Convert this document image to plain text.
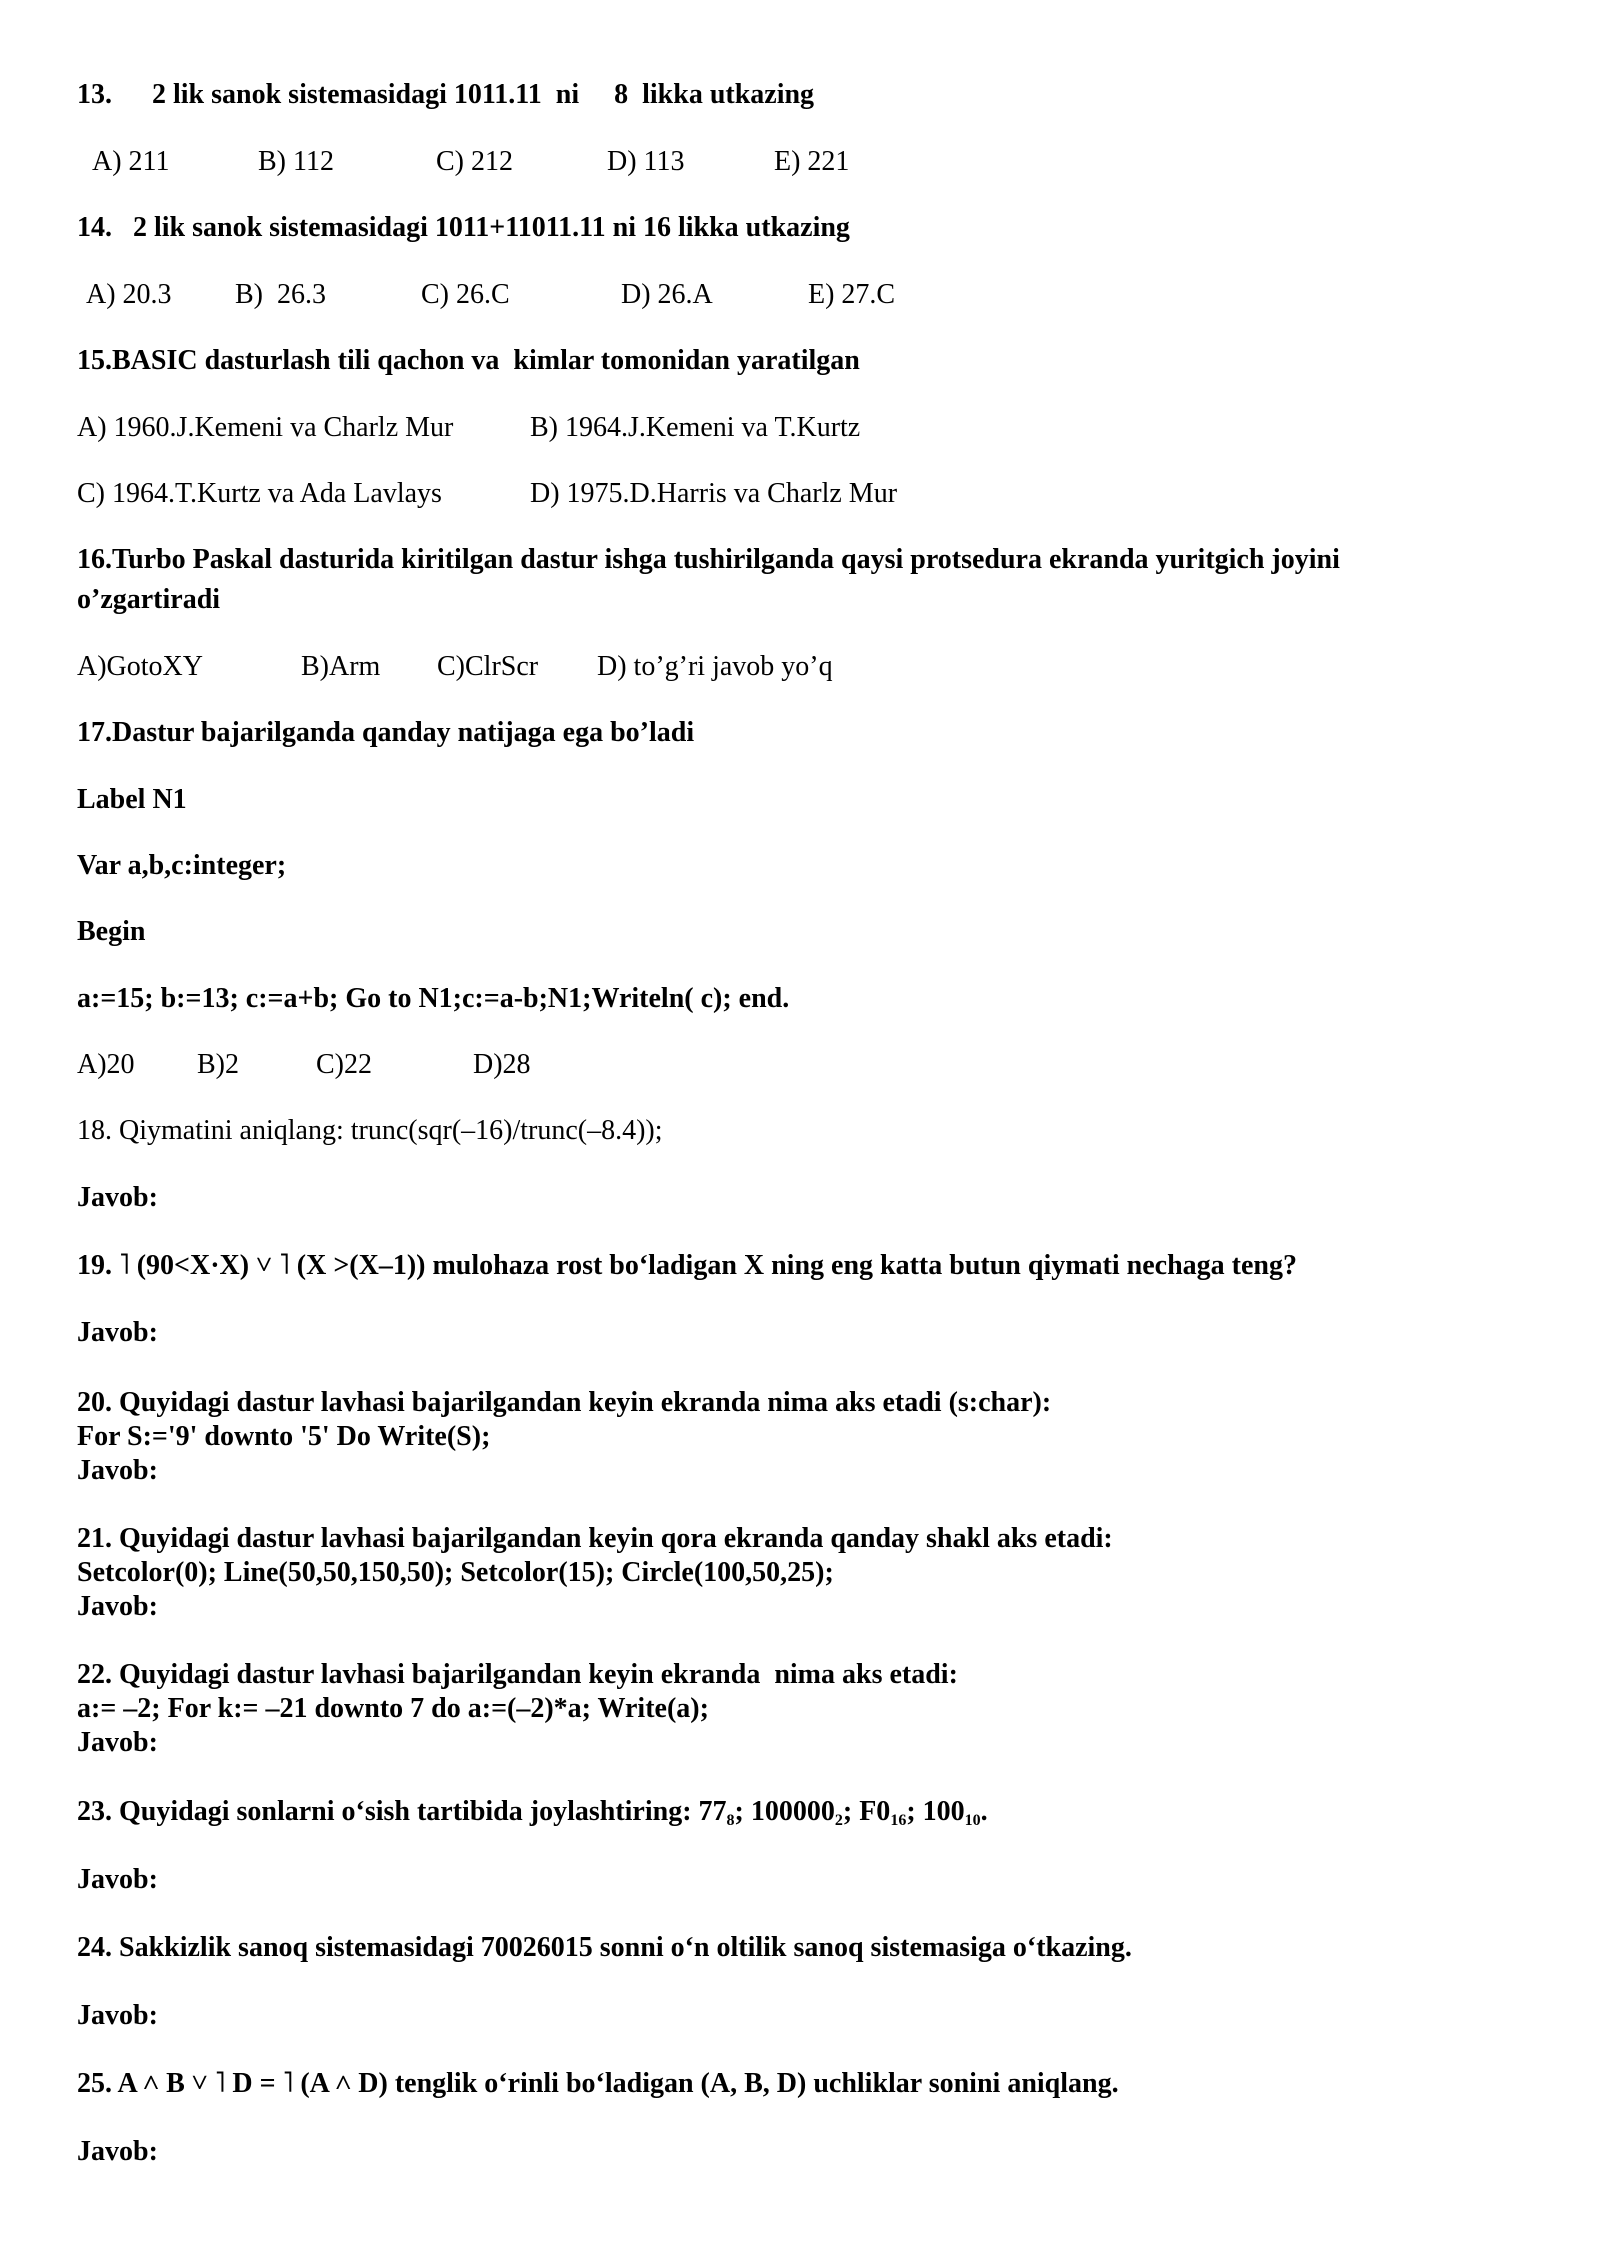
13. 2 lik sanok sistemasidagi 1011.11  ni     8  likka utkazing
A) 211	B) 112	C) 212	D) 113	E) 221
14.   2 lik sanok sistemasidagi 1011+11011.11 ni 16 likka utkazing
A) 20.3 B)  26.3	C) 26.C	D) 26.A	E) 27.C
15.BASIC dasturlash tili qachon va  kimlar tomonidan yaratilgan
A) 1960.J.Kemeni va Charlz Mur	B) 1964.J.Kemeni va T.Kurtz
C) 1964.T.Kurtz va Ada Lavlays	D) 1975.D.Harris va Charlz Mur
16.Turbo Paskal dasturida kiritilgan dastur ishga tushirilganda qaysi protsedura ekranda yuritgich joyini
o’zgartiradi
A)GotoXY	B)Arm C)ClrScr D) to’g’ri javob yo’q
17.Dastur bajarilganda qanday natijaga ega bo’ladi
Label N1
Var a,b,c:integer;
Begin
a:=15; b:=13; c:=a+b; Go to N1;c:=a-b;N1;Writeln( c); end.
A)20 B)2	C)22	D)28
18. Qiymatini aniqlang: trunc(sqr(–16)/trunc(–8.4));
Javob:
19. ˥ (90<X·X) ˅ ˥ (X >(X–1)) mulohaza rost bo‘ladigan X ning eng katta butun qiymati nechaga teng?
Javob:
20. Quyidagi dastur lavhasi bajarilgandan keyin ekranda nima aks etadi (s:char):
For S:='9' downto '5' Do Write(S);
Javob:
21. Quyidagi dastur lavhasi bajarilgandan keyin qora ekranda qanday shakl aks etadi:
Setcolor(0); Line(50,50,150,50); Setcolor(15); Circle(100,50,25);
Javob:
22. Quyidagi dastur lavhasi bajarilgandan keyin ekranda  nima aks etadi:
a:= –2; For k:= –21 downto 7 do a:=(–2)*a; Write(a);
Javob:
23. Quyidagi sonlarni o‘sish tartibida joylashtiring: $77_8$; $100000_2$; $F0_{16}$; $100_{10}$.
Javob:
24. Sakkizlik sanoq sistemasidagi 70026015 sonni o‘n oltilik sanoq sistemasiga o‘tkazing.
Javob:
25. A ˄ B ˅ ˥ D = ˥ (A ˄ D) tenglik o‘rinli bo‘ladigan (A, B, D) uchliklar sonini aniqlang.
Javob:
